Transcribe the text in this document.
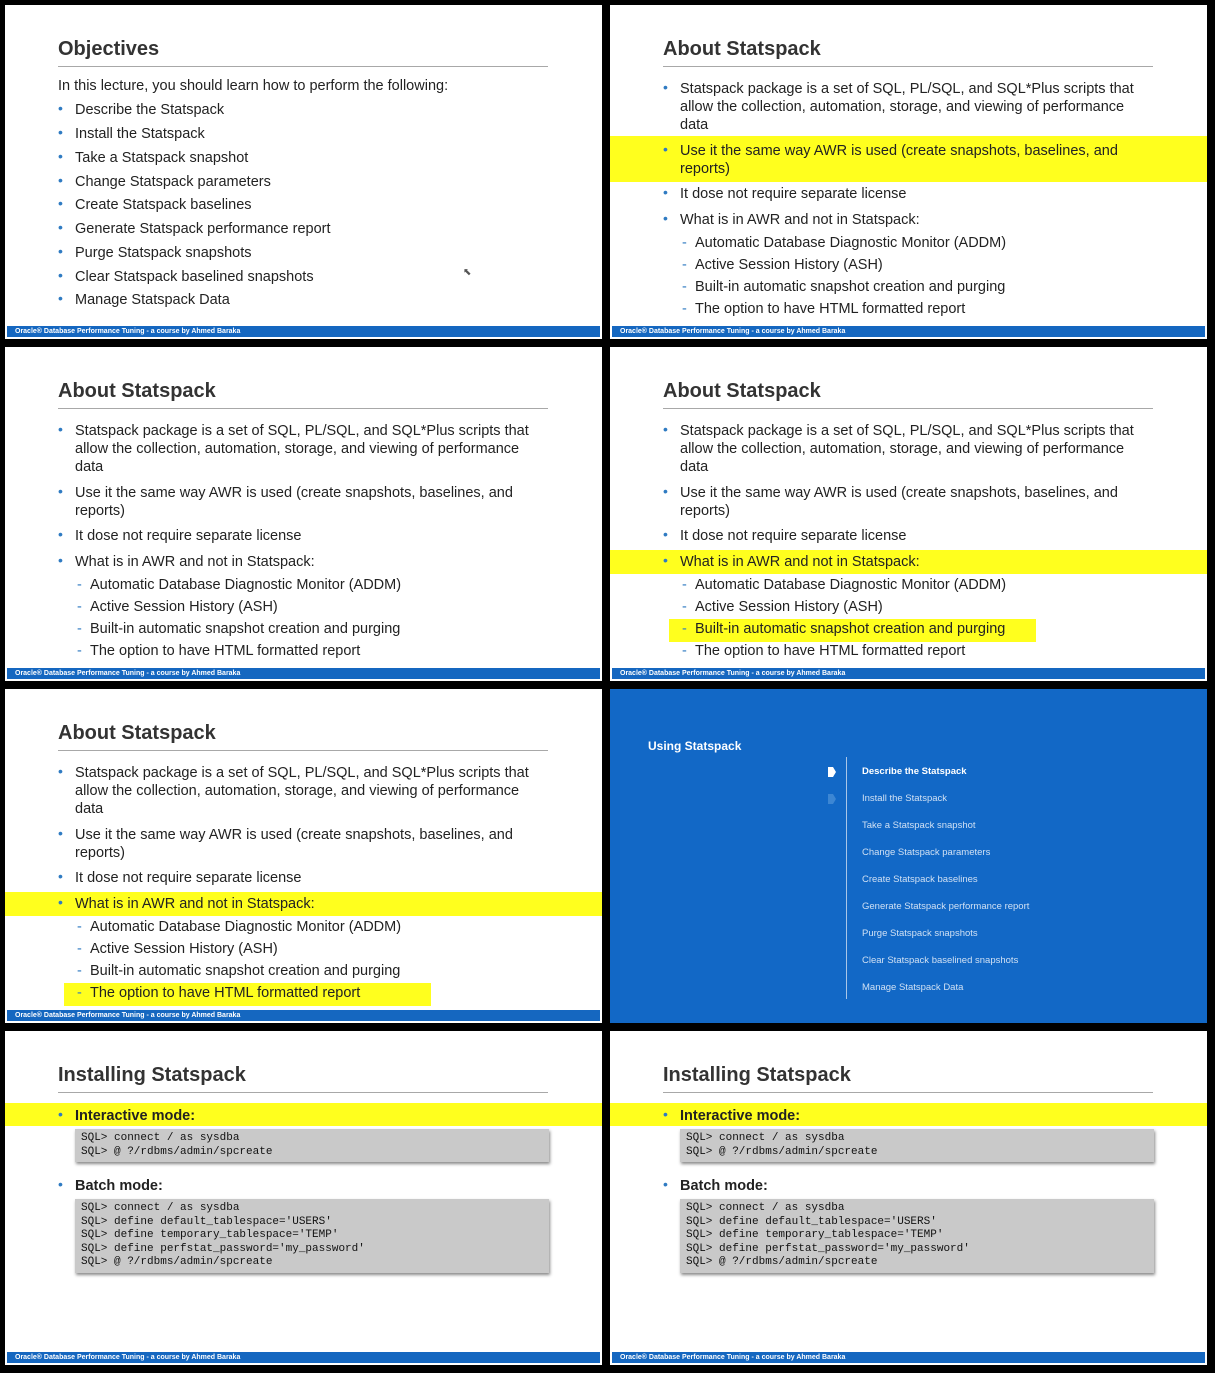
Objectives
In this lecture, you should learn how to perform the following:
• Describe the Statspack
• Install the Statspack
• Take a Statspack snapshot
• Change Statspack parameters
• Create Statspack baselines
• Generate Statspack performance report
• Purge Statspack snapshots
• Clear Statspack baselined snapshots
• Manage Statspack Data
⬉
Oracle® Database Performance Tuning - a course by Ahmed Baraka
About Statspack
• Statspack package is a set of SQL, PL/SQL, and SQL*Plus scripts that
allow the collection, automation, storage, and viewing of performance
data
• Use it the same way AWR is used (create snapshots, baselines, and
reports)
• It dose not require separate license
• What is in AWR and not in Statspack:
- Automatic Database Diagnostic Monitor (ADDM)
- Active Session History (ASH)
- Built-in automatic snapshot creation and purging
- The option to have HTML formatted report
Oracle® Database Performance Tuning - a course by Ahmed Baraka
About Statspack
• Statspack package is a set of SQL, PL/SQL, and SQL*Plus scripts that
allow the collection, automation, storage, and viewing of performance
data
• Use it the same way AWR is used (create snapshots, baselines, and
reports)
• It dose not require separate license
• What is in AWR and not in Statspack:
- Automatic Database Diagnostic Monitor (ADDM)
- Active Session History (ASH)
- Built-in automatic snapshot creation and purging
- The option to have HTML formatted report
Oracle® Database Performance Tuning - a course by Ahmed Baraka
About Statspack
• Statspack package is a set of SQL, PL/SQL, and SQL*Plus scripts that
allow the collection, automation, storage, and viewing of performance
data
• Use it the same way AWR is used (create snapshots, baselines, and
reports)
• It dose not require separate license
• What is in AWR and not in Statspack:
- Automatic Database Diagnostic Monitor (ADDM)
- Active Session History (ASH)
- Built-in automatic snapshot creation and purging
- The option to have HTML formatted report
Oracle® Database Performance Tuning - a course by Ahmed Baraka
About Statspack
• Statspack package is a set of SQL, PL/SQL, and SQL*Plus scripts that
allow the collection, automation, storage, and viewing of performance
data
• Use it the same way AWR is used (create snapshots, baselines, and
reports)
• It dose not require separate license
• What is in AWR and not in Statspack:
- Automatic Database Diagnostic Monitor (ADDM)
- Active Session History (ASH)
- Built-in automatic snapshot creation and purging
- The option to have HTML formatted report
Oracle® Database Performance Tuning - a course by Ahmed Baraka
Using Statspack
Describe the Statspack
Install the Statspack
Take a Statspack snapshot
Change Statspack parameters
Create Statspack baselines
Generate Statspack performance report
Purge Statspack snapshots
Clear Statspack baselined snapshots
Manage Statspack Data
Installing Statspack
• Interactive mode:
SQL> connect / as sysdba
SQL> @ ?/rdbms/admin/spcreate
• Batch mode:
SQL> connect / as sysdba
SQL> define default_tablespace='USERS'
SQL> define temporary_tablespace='TEMP'
SQL> define perfstat_password='my_password'
SQL> @ ?/rdbms/admin/spcreate
Oracle® Database Performance Tuning - a course by Ahmed Baraka
Installing Statspack
• Interactive mode:
SQL> connect / as sysdba
SQL> @ ?/rdbms/admin/spcreate
• Batch mode:
SQL> connect / as sysdba
SQL> define default_tablespace='USERS'
SQL> define temporary_tablespace='TEMP'
SQL> define perfstat_password='my_password'
SQL> @ ?/rdbms/admin/spcreate
Oracle® Database Performance Tuning - a course by Ahmed Baraka
